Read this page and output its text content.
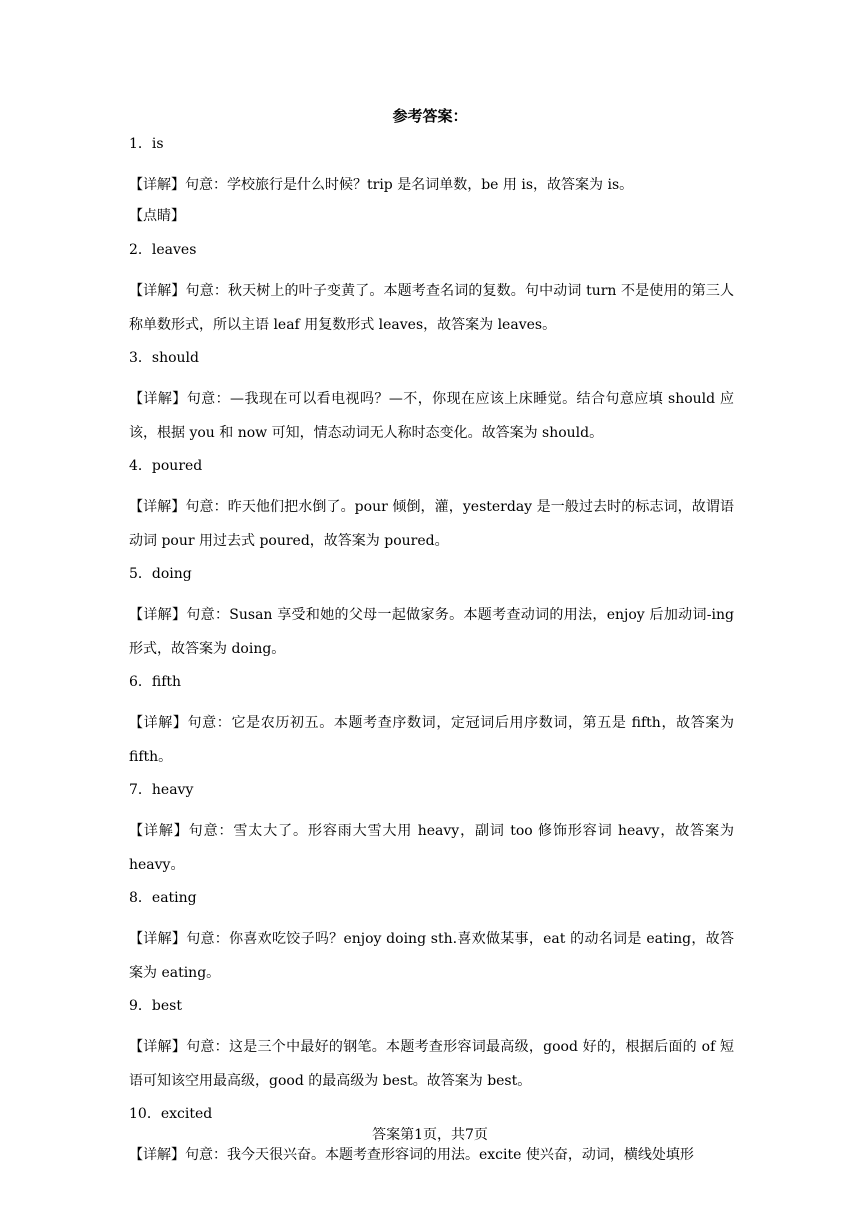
参考答案：
1．is
【详解】句意：学校旅行是什么时候？trip 是名词单数，be 用 is，故答案为 is。
【点睛】
2．leaves
【详解】句意：秋天树上的叶子变黄了。本题考查名词的复数。句中动词 turn 不是使用的第三人称单数形式，所以主语 leaf 用复数形式 leaves，故答案为 leaves。
3．should
【详解】句意：—我现在可以看电视吗？—不，你现在应该上床睡觉。结合句意应填 should 应该，根据 you 和 now 可知，情态动词无人称时态变化。故答案为 should。
4．poured
【详解】句意：昨天他们把水倒了。pour 倾倒，灌，yesterday 是一般过去时的标志词，故谓语动词 pour 用过去式 poured，故答案为 poured。
5．doing
【详解】句意：Susan 享受和她的父母一起做家务。本题考查动词的用法，enjoy 后加动词-ing 形式，故答案为 doing。
6．fifth
【详解】句意：它是农历初五。本题考查序数词，定冠词后用序数词，第五是 fifth，故答案为 fifth。
7．heavy
【详解】句意：雪太大了。形容雨大雪大用 heavy，副词 too 修饰形容词 heavy，故答案为 heavy。
8．eating
【详解】句意：你喜欢吃饺子吗？enjoy doing sth.喜欢做某事，eat 的动名词是 eating，故答案为 eating。
9．best
【详解】句意：这是三个中最好的钢笔。本题考查形容词最高级，good 好的，根据后面的 of 短语可知该空用最高级，good 的最高级为 best。故答案为 best。
10．excited
【详解】句意：我今天很兴奋。本题考查形容词的用法。excite 使兴奋，动词，横线处填形
答案第1页，共7页
